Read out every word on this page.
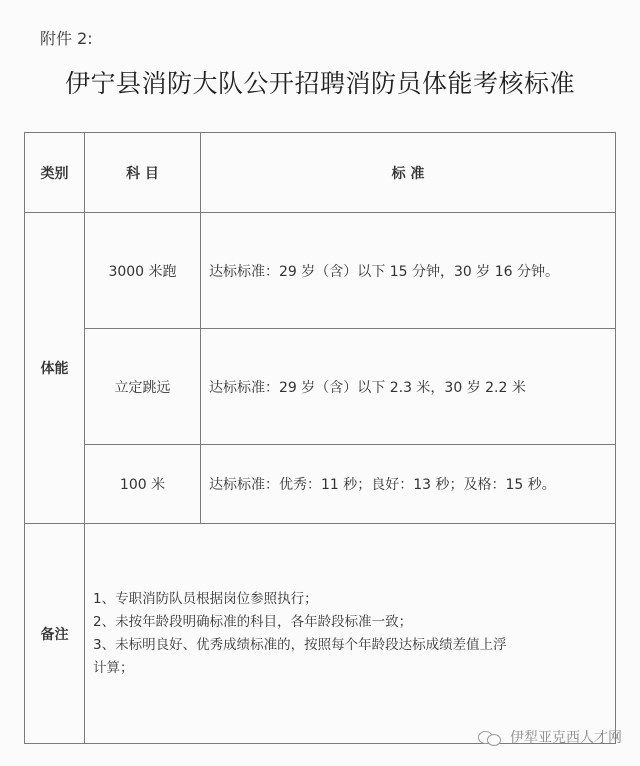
附件 2:
伊宁县消防大队公开招聘消防员体能考核标准
类别	科 目	标 准
体能	3000 米跑	达标标准：29 岁（含）以下 15 分钟，30 岁 16 分钟。
	立定跳远	达标标准：29 岁（含）以下 2.3 米，30 岁 2.2 米
	100 米	达标标准：优秀：11 秒；良好：13 秒；及格：15 秒。
备注	1、专职消防队员根据岗位参照执行；
2、未按年龄段明确标准的科目，各年龄段标准一致；
3、未标明良好、优秀成绩标准的，按照每个年龄段达标成绩差值上浮
计算；	
伊犁亚克西人才网
